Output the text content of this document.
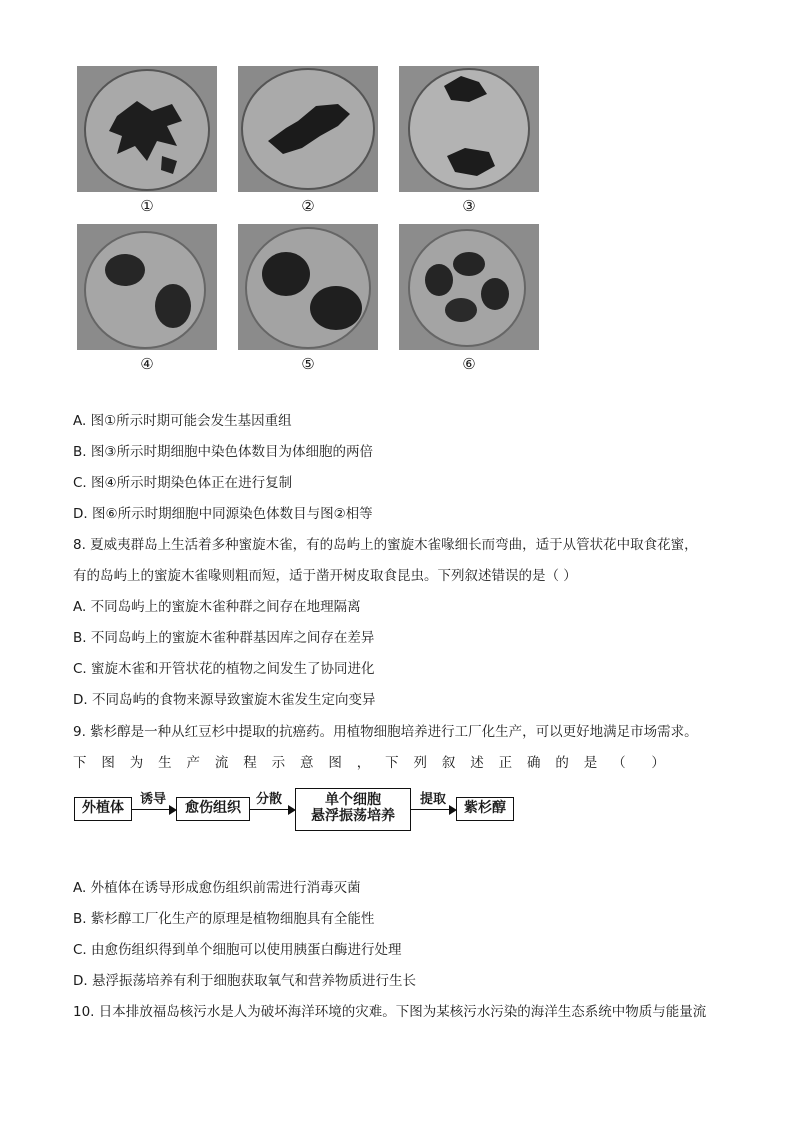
①	②	③
④	⑤	⑥
A. 图①所示时期可能会发生基因重组
B. 图③所示时期细胞中染色体数目为体细胞的两倍
C. 图④所示时期染色体正在进行复制
D. 图⑥所示时期细胞中同源染色体数目与图②相等
8. 夏威夷群岛上生活着多种蜜旋木雀，有的岛屿上的蜜旋木雀喙细长而弯曲，适于从管状花中取食花蜜，
有的岛屿上的蜜旋木雀喙则粗而短，适于凿开树皮取食昆虫。下列叙述错误的是（ ）
A. 不同岛屿上的蜜旋木雀种群之间存在地理隔离
B. 不同岛屿上的蜜旋木雀种群基因库之间存在差异
C. 蜜旋木雀和开管状花的植物之间发生了协同进化
D. 不同岛屿的食物来源导致蜜旋木雀发生定向变异
9. 紫杉醇是一种从红豆杉中提取的抗癌药。用植物细胞培养进行工厂化生产，可以更好地满足市场需求。
下 图 为 生 产 流 程 示 意 图 ， 下 列 叙 述 正 确 的 是 （      ）
外植体
诱导
愈伤组织
分散	单个细胞
悬浮振荡培养
提取
紫杉醇
A. 外植体在诱导形成愈伤组织前需进行消毒灭菌
B. 紫杉醇工厂化生产的原理是植物细胞具有全能性
C. 由愈伤组织得到单个细胞可以使用胰蛋白酶进行处理
D. 悬浮振荡培养有利于细胞获取氧气和营养物质进行生长
10. 日本排放福岛核污水是人为破坏海洋环境的灾难。下图为某核污水污染的海洋生态系统中物质与能量流
